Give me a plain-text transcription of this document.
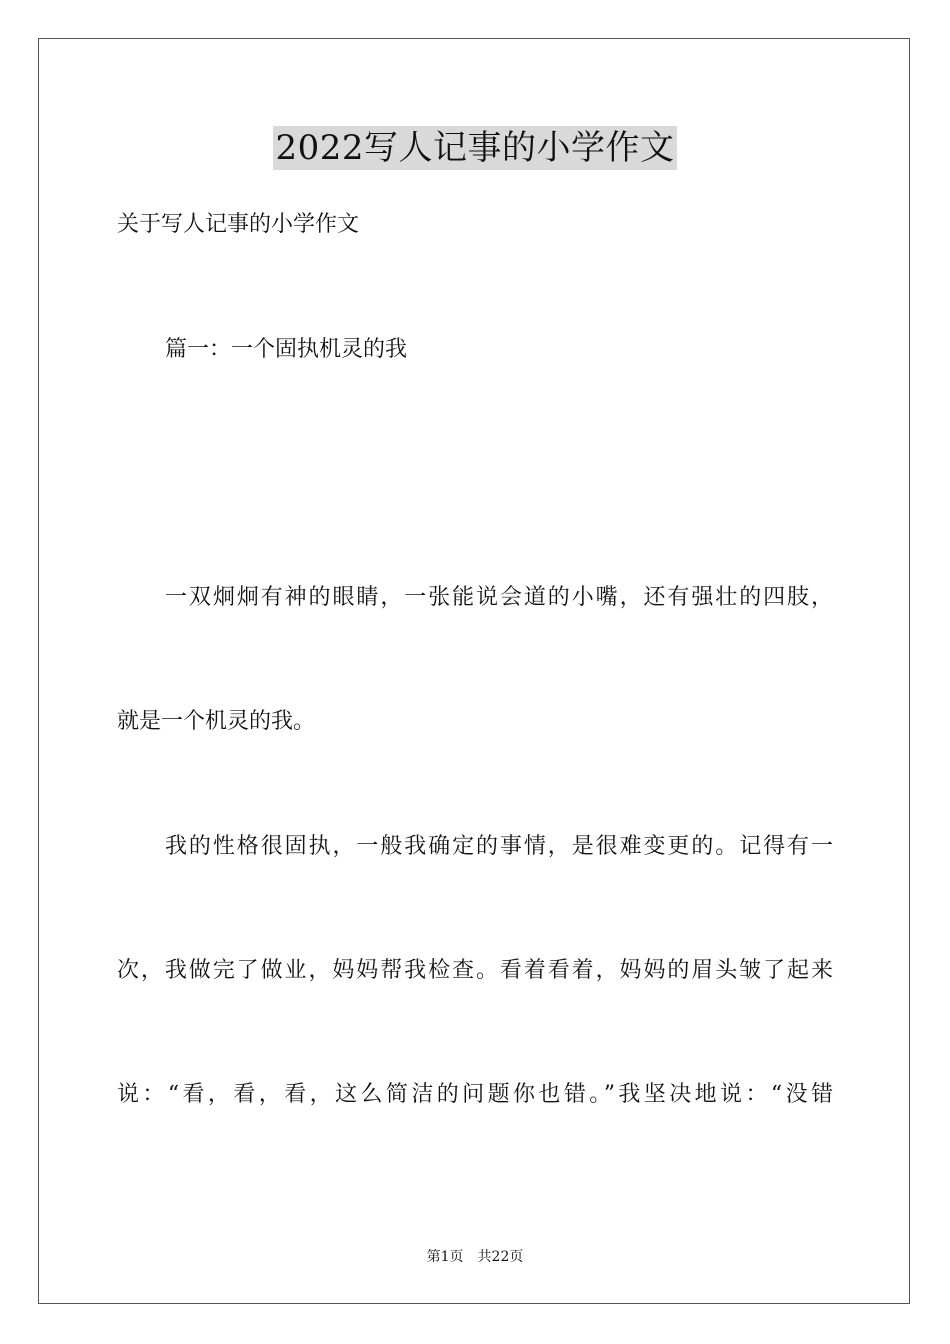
2022写人记事的小学作文
关于写人记事的小学作文
篇一：一个固执机灵的我
一双炯炯有神的眼睛，一张能说会道的小嘴，还有强壮的四肢，
就是一个机灵的我。
我的性格很固执，一般我确定的事情，是很难变更的。记得有一
次，我做完了做业，妈妈帮我检查。看着看着，妈妈的眉头皱了起来
说：“看，看，看，这么简洁的问题你也错。”我坚决地说：“没错
第1页 共22页
